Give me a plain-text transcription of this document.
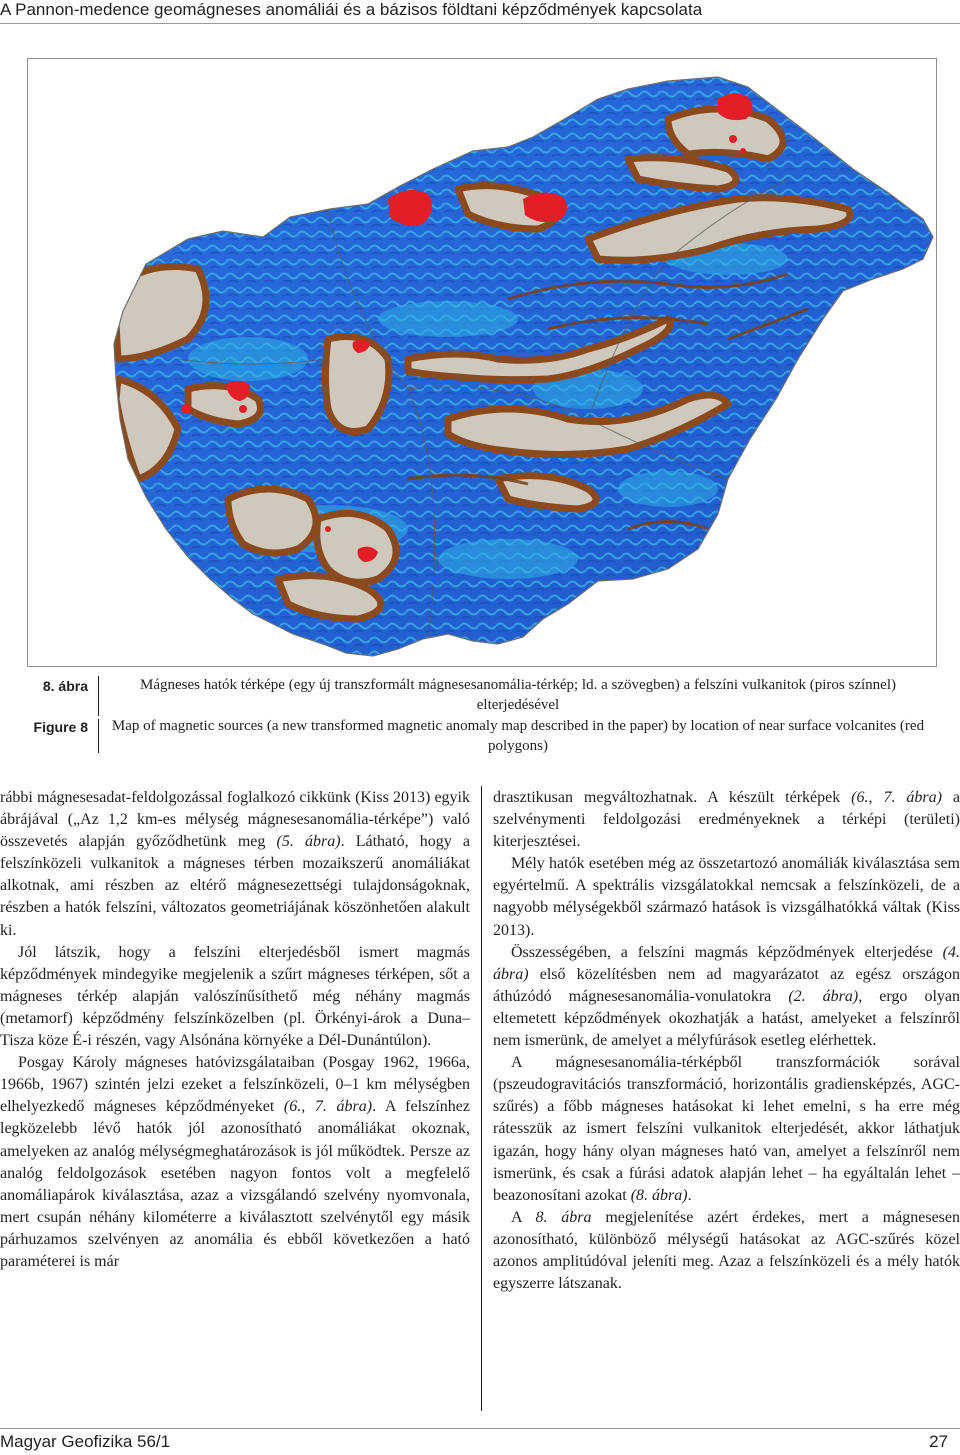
A Pannon-medence geomágneses anomáliái és a bázisos földtani képződmények kapcsolata
8. ábra	Mágneses hatók térképe (egy új transzformált mágnesesanomália-térkép; ld. a szövegben) a felszíni vulkanitok (piros színnel) elterjedésével
Figure 8 Map of magnetic sources (a new transformed magnetic anomaly map described in the paper) by location of near surface volcanites (red polygons)

rábbi mágnesesadat-feldolgozással foglalkozó cikkünk (Kiss 2013) egyik ábrájával („Az 1,2 km-es mélység mágnesesanomália-térképe”) való összevetés alapján győződhetünk meg (5. ábra). Látható, hogy a felszínközeli vulkanitok a mágneses térben mozaikszerű anomáliákat alkotnak, ami részben az eltérő mágnesezettségi tulajdonságoknak, részben a hatók felszíni, változatos geometriájának köszönhetően alakult ki.

Jól látszik, hogy a felszíni elterjedésből ismert magmás képződmények mindegyike megjelenik a szűrt mágneses térképen, sőt a mágneses térkép alapján valószínűsíthető még néhány magmás (metamorf) képződmény felszínközelben (pl. Örkényi-árok a Duna–Tisza köze É-i részén, vagy Alsónána környéke a Dél-Dunántúlon).

Posgay Károly mágneses hatóvizsgálataiban (Posgay 1962, 1966a, 1966b, 1967) szintén jelzi ezeket a felszínközeli, 0–1 km mélységben elhelyezkedő mágneses képződményeket (6., 7. ábra). A felszínhez legközelebb lévő hatók jól azonosítható anomáliákat okoznak, amelyeken az analóg mélységmeghatározások is jól működtek. Persze az analóg feldolgozások esetében nagyon fontos volt a megfelelő anomáliapárok kiválasztása, azaz a vizsgálandó szelvény nyomvonala, mert csupán néhány kilométerre a kiválasztott szelvénytől egy másik párhuzamos szelvényen az anomália és ebből következően a ható paraméterei is már

drasztikusan megváltozhatnak. A készült térképek (6., 7. ábra) a szelvénymenti feldolgozási eredményeknek a térképi (területi) kiterjesztései.

Mély hatók esetében még az összetartozó anomáliák kiválasztása sem egyértelmű. A spektrális vizsgálatokkal nemcsak a felszínközeli, de a nagyobb mélységekből származó hatások is vizsgálhatókká váltak (Kiss 2013).

Összességében, a felszíni magmás képződmények elterjedése (4. ábra) első közelítésben nem ad magyarázatot az egész országon áthúzódó mágnesesanomália-vonulatokra (2. ábra), ergo olyan eltemetett képződmények okozhatják a hatást, amelyeket a felszínről nem ismerünk, de amelyet a mélyfúrások esetleg elérhettek.

A mágnesesanomália-térképből transzformációk sorával (pszeudogravitációs transzformáció, horizontális gradiensképzés, AGC-szűrés) a főbb mágneses hatásokat ki lehet emelni, s ha erre még rátesszük az ismert felszíni vulkanitok elterjedését, akkor láthatjuk igazán, hogy hány olyan mágneses ható van, amelyet a felszínről nem ismerünk, és csak a fúrási adatok alapján lehet – ha egyáltalán lehet – beazonosítani azokat (8. ábra).

A 8. ábra megjelenítése azért érdekes, mert a mágnesesen azonosítható, különböző mélységű hatásokat az AGC-szűrés közel azonos amplitúdóval jeleníti meg. Azaz a felszínközeli és a mély hatók egyszerre látszanak.

Magyar Geofizika 56/1	27
